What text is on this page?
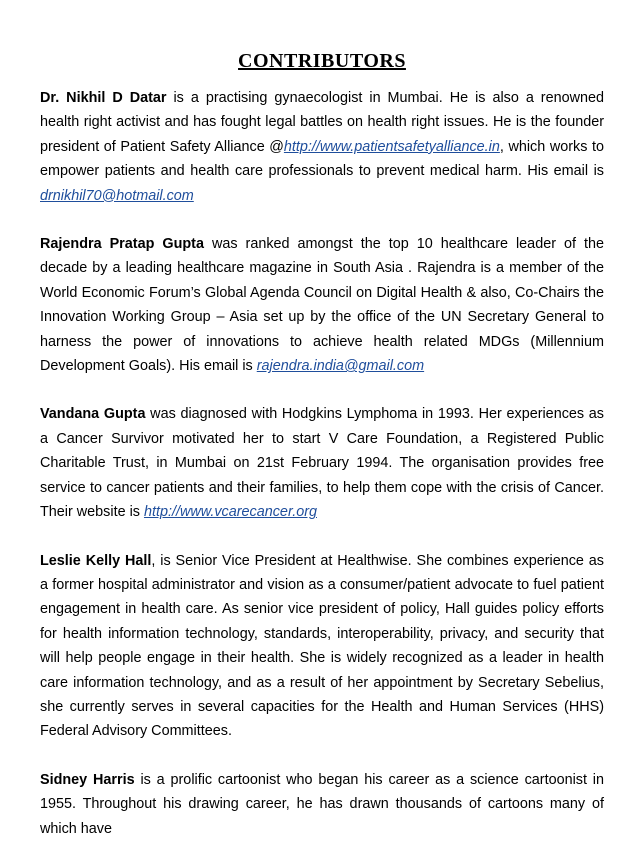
CONTRIBUTORS

Dr. Nikhil D Datar is a practising gynaecologist in Mumbai. He is also a renowned health right activist and has fought legal battles on health right issues. He is the founder president of Patient Safety Alliance @http://www.patientsafetyalliance.in, which works to empower patients and health care professionals to prevent medical harm. His email is drnikhil70@hotmail.com

Rajendra Pratap Gupta was ranked amongst the top 10 healthcare leader of the decade by a leading healthcare magazine in South Asia . Rajendra is a member of the World Economic Forum’s Global Agenda Council on Digital Health & also, Co-Chairs the Innovation Working Group – Asia set up by the office of the UN Secretary General to harness the power of innovations to achieve health related MDGs (Millennium Development Goals). His email is rajendra.india@gmail.com

Vandana Gupta was diagnosed with Hodgkins Lymphoma in 1993. Her experiences as a Cancer Survivor motivated her to start V Care Foundation, a Registered Public Charitable Trust, in Mumbai on 21st February 1994. The organisation provides free service to cancer patients and their families, to help them cope with the crisis of Cancer. Their website is http://www.vcarecancer.org

Leslie Kelly Hall, is Senior Vice President at Healthwise. She combines experience as a former hospital administrator and vision as a consumer/patient advocate to fuel patient engagement in health care. As senior vice president of policy, Hall guides policy efforts for health information technology, standards, interoperability, privacy, and security that will help people engage in their health. She is widely recognized as a leader in health care information technology, and as a result of her appointment by Secretary Sebelius, she currently serves in several capacities for the Health and Human Services (HHS) Federal Advisory Committees.

Sidney Harris is a prolific cartoonist who began his career as a science cartoonist in 1955. Throughout his drawing career, he has drawn thousands of cartoons many of which have
